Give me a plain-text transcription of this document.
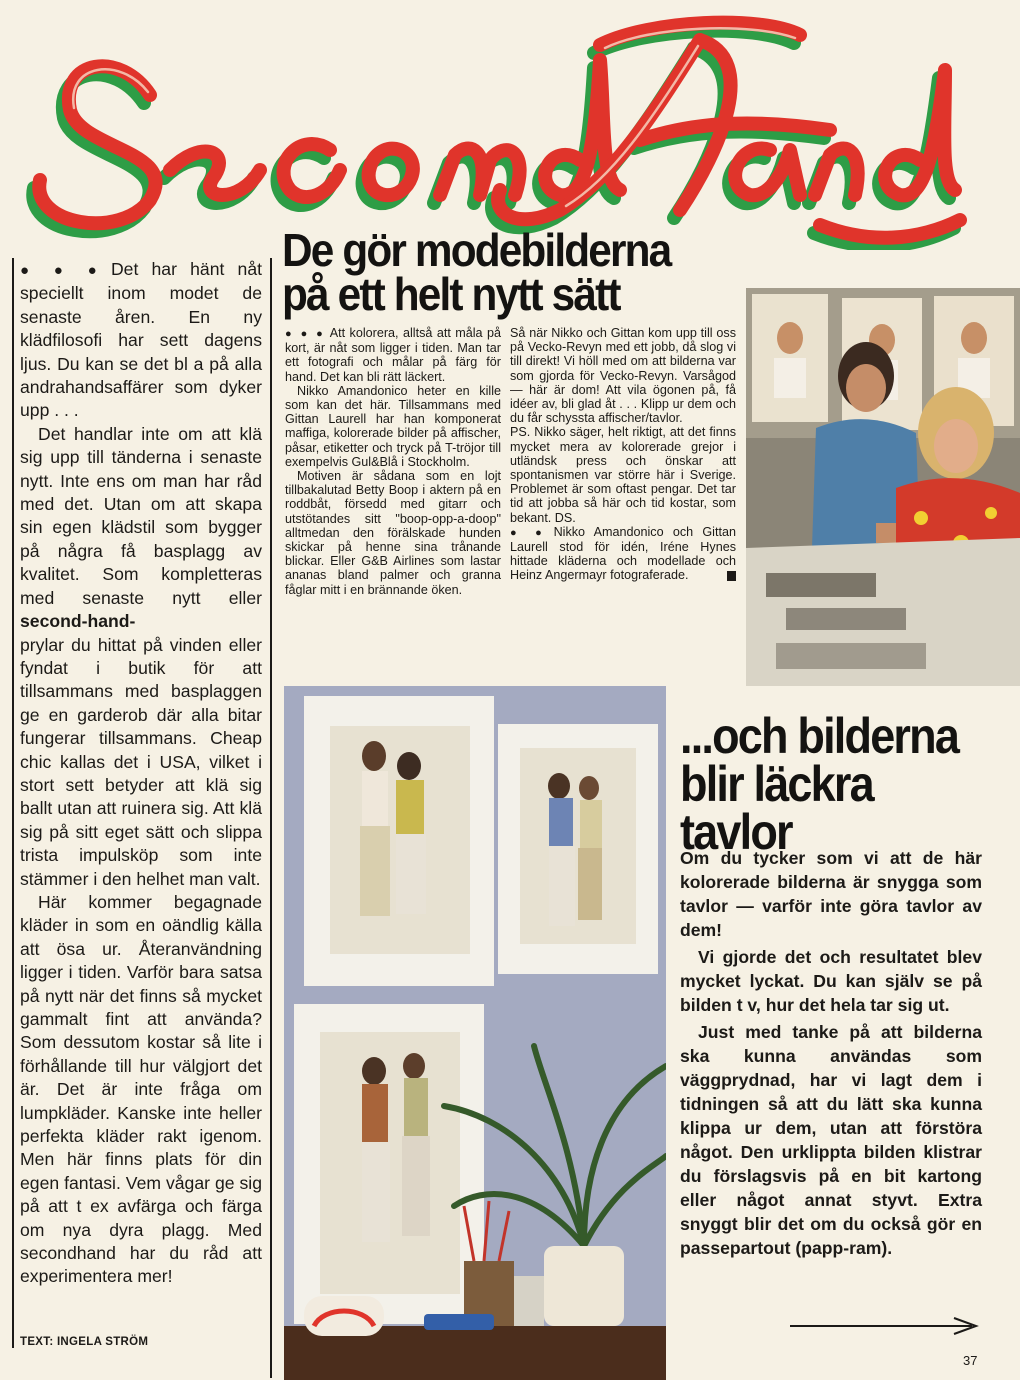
● ● ● Det har hänt nåt speciellt inom modet de senaste åren. En ny klädfilosofi har sett dagens ljus. Du kan se det bl a på alla andrahandsaffärer som dyker upp . . .

Det handlar inte om att klä sig upp till tänderna i senaste nytt. Inte ens om man har råd med det. Utan om att skapa sin egen klädstil som bygger på några få basplagg av kvalitet. Som kompletteras med senaste nytt eller second-hand-

prylar du hittat på vinden eller fyndat i butik för att tillsammans med basplaggen ge en garderob där alla bitar fungerar tillsammans. Cheap chic kallas det i USA, vilket i stort sett betyder att klä sig ballt utan att ruinera sig. Att klä sig på sitt eget sätt och slippa trista impulsköp som inte stämmer i den helhet man valt.

Här kommer begagnade kläder in som en oändlig källa att ösa ur. Återanvändning ligger i tiden. Varför bara satsa på nytt när det finns så mycket gammalt fint att använda? Som dessutom kostar så lite i förhållande till hur välgjort det är. Det är inte fråga om lumpkläder. Kanske inte heller perfekta kläder rakt igenom. Men här finns plats för din egen fantasi. Vem vågar ge sig på att t ex avfärga och färga om nya dyra plagg. Med secondhand har du råd att experimentera mer!

TEXT: INGELA STRÖM
De gör modebilderna
på ett helt nytt sätt

● ● ● Att kolorera, alltså att måla på kort, är nåt som ligger i tiden. Man tar ett fotografi och målar på färg för hand. Det kan bli rätt läckert.

Nikko Amandonico heter en kille som kan det här. Tillsammans med Gittan Laurell har han komponerat maffiga, kolorerade bilder på affischer, påsar, etiketter och tryck på T-tröjor till exempelvis Gul&Blå i Stockholm.

Motiven är sådana som en lojt tillbakalutad Betty Boop i aktern på en roddbåt, försedd med gitarr och utstötandes sitt "boop-opp-a-doop" alltmedan den förälskade hunden skickar på henne sina trånande blickar. Eller G&B Airlines som lastar ananas bland palmer och granna fåglar mitt i en brännande öken.

Så när Nikko och Gittan kom upp till oss på Vecko-Revyn med ett jobb, då slog vi till direkt! Vi höll med om att bilderna var som gjorda för Vecko-Revyn. Varsågod — här är dom! Att vila ögonen på, få idéer av, bli glad åt . . . Klipp ur dem och du får schyssta affischer/tavlor.

PS. Nikko säger, helt riktigt, att det finns mycket mera av kolorerade grejor i utländsk press och önskar att spontanismen var större här i Sverige. Problemet är som oftast pengar. Det tar tid att jobba så här och tid kostar, som bekant. DS.

● ● Nikko Amandonico och Gittan Laurell stod för idén, Iréne Hynes hittade kläderna och modellade och Heinz Angermayr fotograferade.

...och bilderna
blir läckra
tavlor

Om du tycker som vi att de här kolorerade bilderna är snygga som tavlor — varför inte göra tavlor av dem!

Vi gjorde det och resultatet blev mycket lyckat. Du kan själv se på bilden t v, hur det hela tar sig ut.

Just med tanke på att bilderna ska kunna användas som väggprydnad, har vi lagt dem i tidningen så att du lätt ska kunna klippa ur dem, utan att förstöra något. Den urklippta bilden klistrar du förslagsvis på en bit kartong eller något annat styvt. Extra snyggt blir det om du också gör en passepartout (papp-ram).

37
